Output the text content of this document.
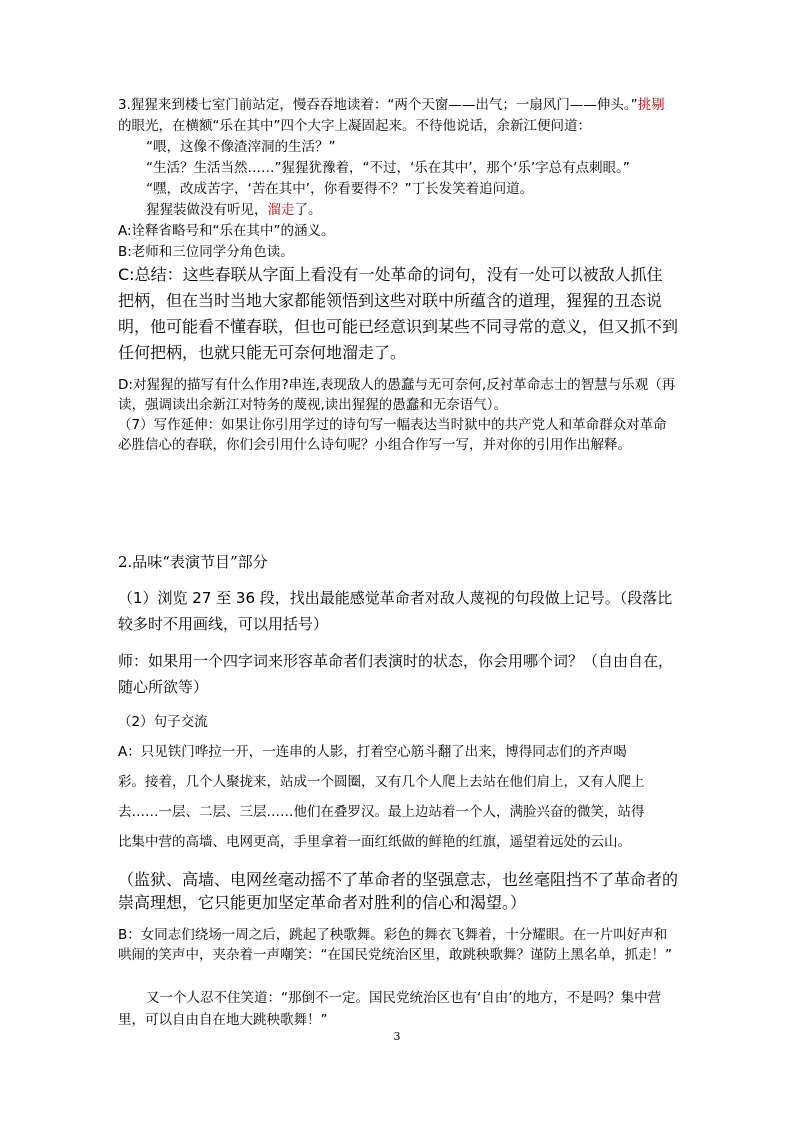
3.猩猩来到楼七室门前站定，慢吞吞地读着：“两个天窗——出气；一扇风门——伸头。”挑剔的眼光，在横额“乐在其中”四个大字上凝固起来。不待他说话，余新江便问道：

“喂，这像不像渣滓洞的生活？”

“生活？生活当然……”猩猩犹豫着，“不过，‘乐在其中’，那个‘乐’字总有点刺眼。”

“嘿，改成苦字，‘苦在其中’，你看要得不？”丁长发笑着追问道。

猩猩装做没有听见，溜走了。

A:诠释省略号和“乐在其中”的涵义。

B:老师和三位同学分角色读。

C:总结：这些春联从字面上看没有一处革命的词句，没有一处可以被敌人抓住把柄，但在当时当地大家都能领悟到这些对联中所蕴含的道理，猩猩的丑态说明，他可能看不懂春联，但也可能已经意识到某些不同寻常的意义，但又抓不到任何把柄，也就只能无可奈何地溜走了。

D:对猩猩的描写有什么作用?串连,表现敌人的愚蠢与无可奈何,反衬革命志士的智慧与乐观（再读，强调读出余新江对特务的蔑视,读出猩猩的愚蠢和无奈语气）。

（7）写作延伸：如果让你引用学过的诗句写一幅表达当时狱中的共产党人和革命群众对革命必胜信心的春联，你们会引用什么诗句呢？小组合作写一写，并对你的引用作出解释。

2.品味“表演节目”部分

（1）浏览 27 至 36 段，找出最能感觉革命者对敌人蔑视的句段做上记号。（段落比较多时不用画线，可以用括号）

师：如果用一个四字词来形容革命者们表演时的状态，你会用哪个词？（自由自在，随心所欲等）

（2）句子交流

A：只见铁门哗拉一开，一连串的人影，打着空心筋斗翻了出来，博得同志们的齐声喝
彩。接着，几个人聚拢来，站成一个圆圈，又有几个人爬上去站在他们肩上，又有人爬上
去……一层、二层、三层……他们在叠罗汉。最上边站着一个人，满脸兴奋的微笑，站得
比集中营的高墙、电网更高，手里拿着一面红纸做的鲜艳的红旗，遥望着远处的云山。

（监狱、高墙、电网丝毫动摇不了革命者的坚强意志，也丝毫阻挡不了革命者的崇高理想，它只能更加坚定革命者对胜利的信心和渴望。）

B：女同志们绕场一周之后，跳起了秧歌舞。彩色的舞衣飞舞着，十分耀眼。在一片叫好声和哄闹的笑声中，夹杂着一声嘲笑：“在国民党统治区里，敢跳秧歌舞？谨防上黑名单，抓走！”

又一个人忍不住笑道：“那倒不一定。国民党统治区也有‘自由’的地方，不是吗？集中营里，可以自由自在地大跳秧歌舞！”

3
